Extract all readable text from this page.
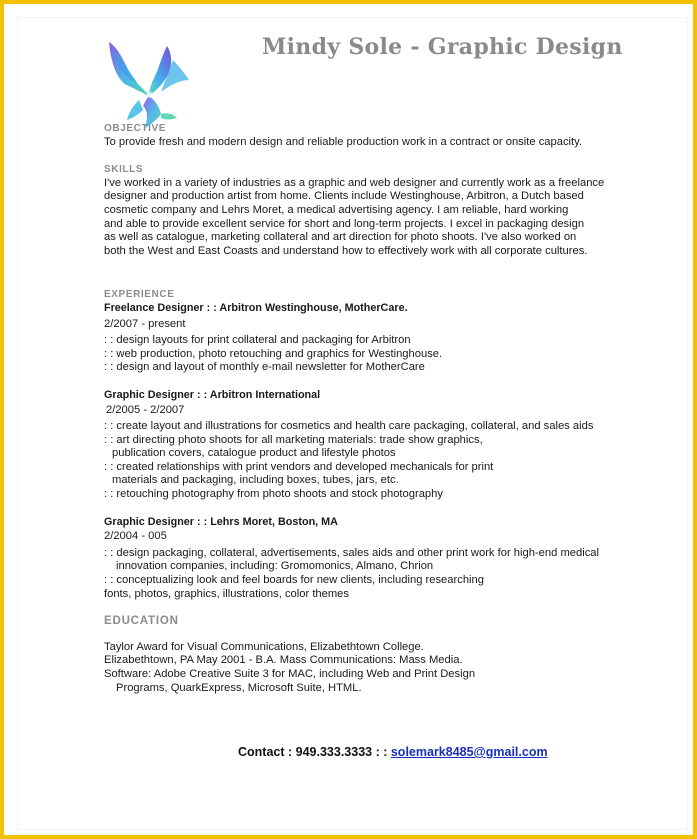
Mindy Sole - Graphic Design
OBJECTIVE

To provide fresh and modern design and reliable production work in a contract or onsite capacity.

SKILLS

I've worked in a variety of industries as a graphic and web designer and currently work as a freelance

designer and production artist from home. Clients include Westinghouse, Arbitron, a Dutch based

cosmetic company and Lehrs Moret, a medical advertising agency. I am reliable, hard working

and able to provide excellent service for short and long-term projects. I excel in packaging design

as well as catalogue, marketing collateral and art direction for photo shoots. I've also worked on

both the West and East Coasts and understand how to effectively work with all corporate cultures.

EXPERIENCE

Freelance Designer : : Arbitron Westinghouse, MotherCare.

2/2007 - present

: : design layouts for print collateral and packaging for Arbitron

: : web production, photo retouching and graphics for Westinghouse.

: : design and layout of monthly e-mail newsletter for MotherCare

Graphic Designer : : Arbitron International

2/2005 - 2/2007

: : create layout and illustrations for cosmetics and health care packaging, collateral, and sales aids

: : art directing photo shoots for all marketing materials: trade show graphics,

publication covers, catalogue product and lifestyle photos

: : created relationships with print vendors and developed mechanicals for print

materials and packaging, including boxes, tubes, jars, etc.

: : retouching photography from photo shoots and stock photography

Graphic Designer : : Lehrs Moret, Boston, MA

2/2004 - 005

: : design packaging, collateral, advertisements, sales aids and other print work for high-end medical

innovation companies, including: Gromomonics, Almano, Chrion

: : conceptualizing look and feel boards for new clients, including researching

fonts, photos, graphics, illustrations, color themes

EDUCATION

Taylor Award for Visual Communications, Elizabethtown College.

Elizabethtown, PA May 2001 - B.A. Mass Communications: Mass Media.

Software: Adobe Creative Suite 3 for MAC, including Web and Print Design

Programs, QuarkExpress, Microsoft Suite, HTML.

Contact : 949.333.3333 : : solemark8485@gmail.com
